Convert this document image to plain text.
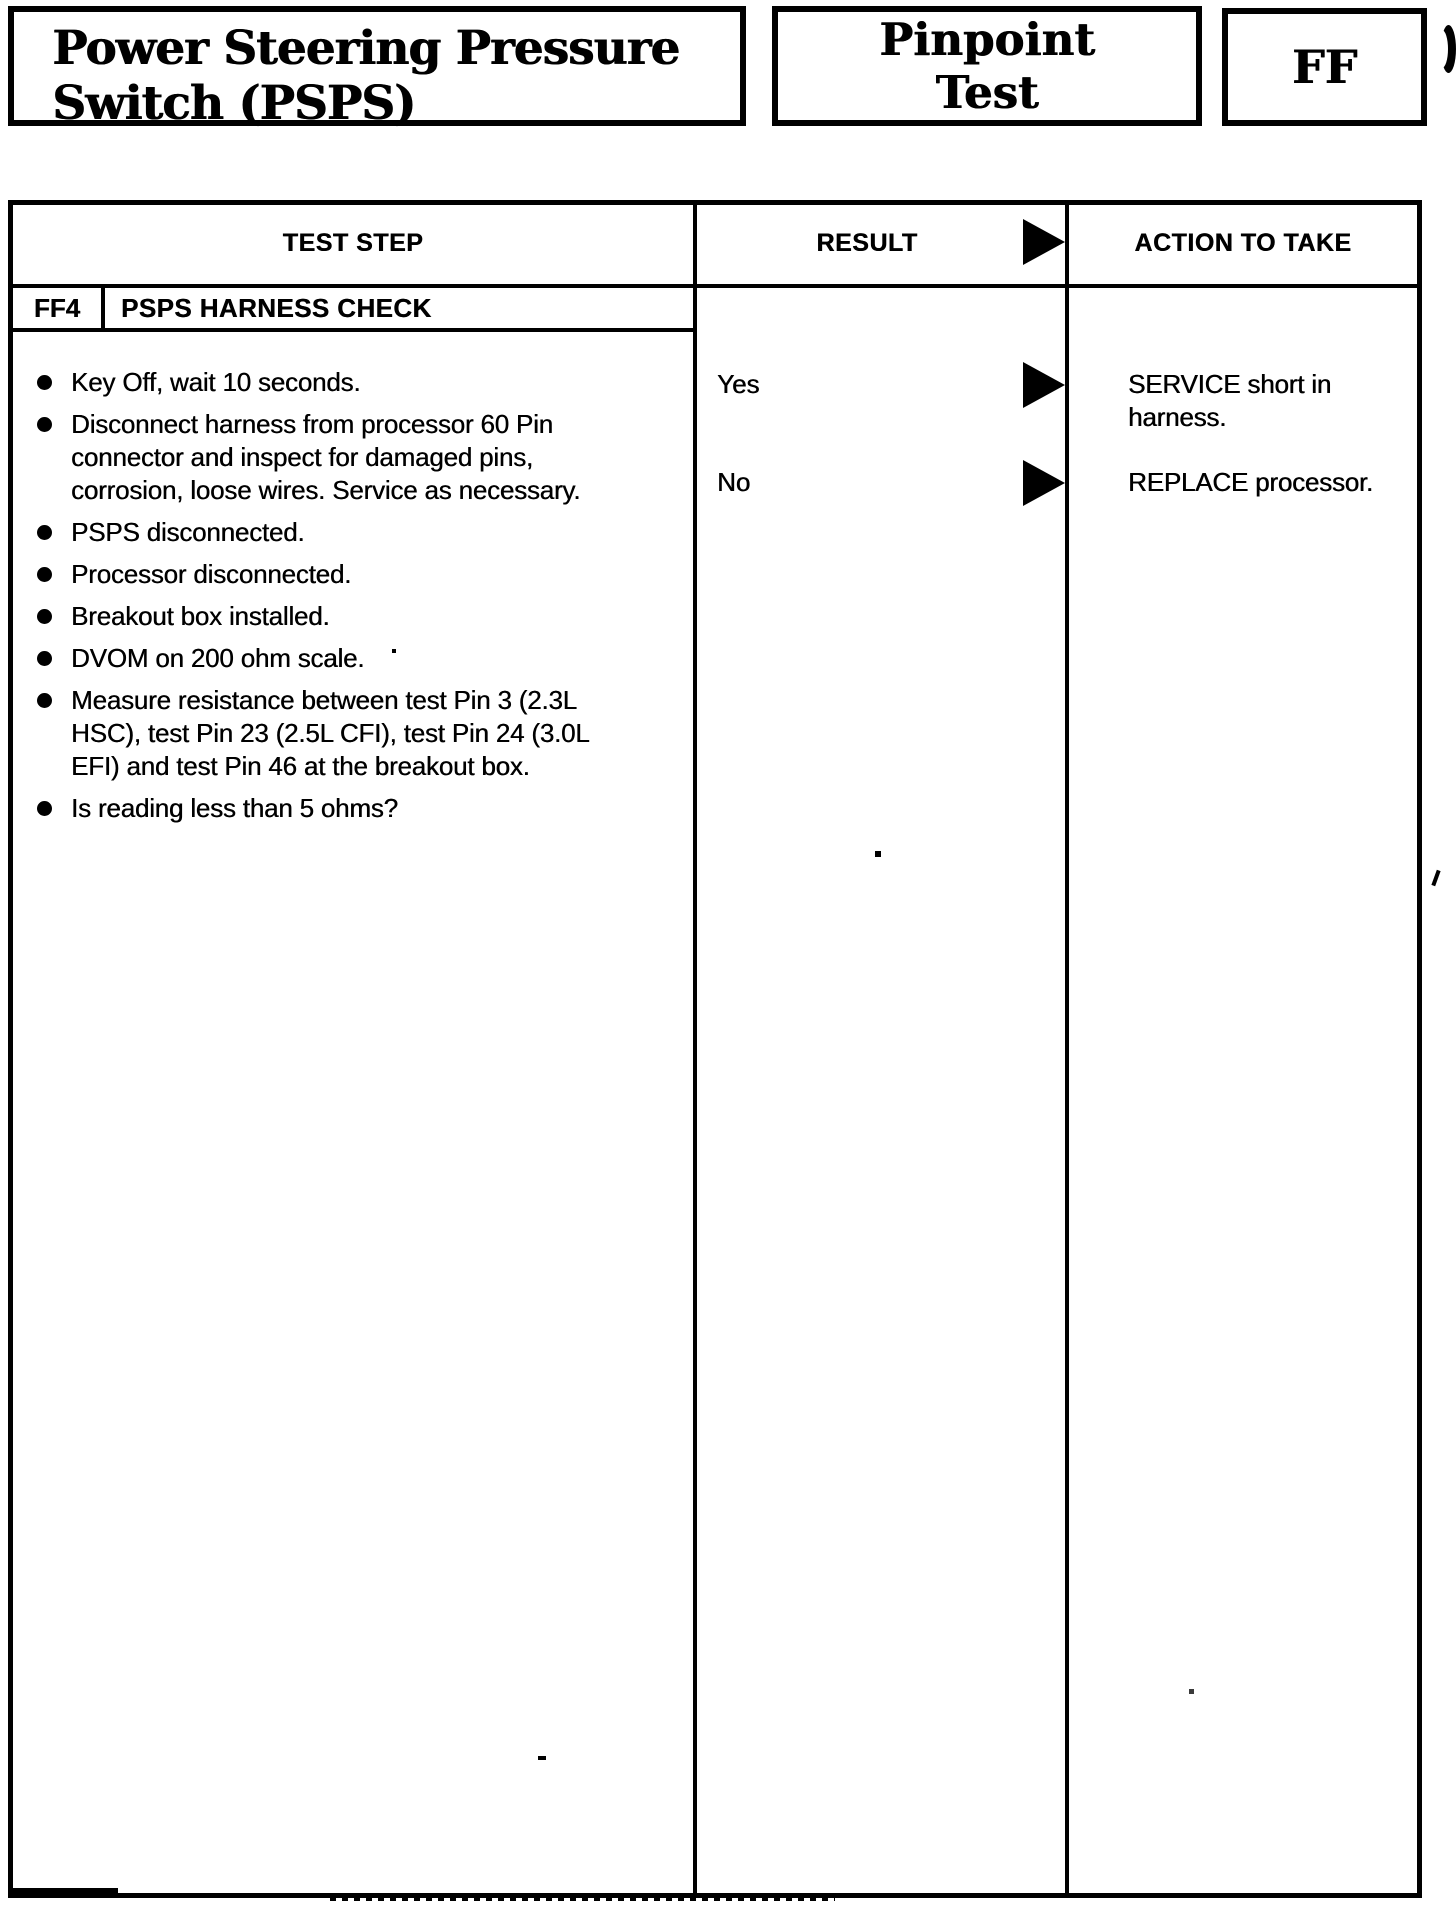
Power Steering Pressure
Switch (PSPS)
Pinpoint
Test	FF
TEST STEP	RESULT	ACTION TO TAKE
FF4	PSPS HARNESS CHECK
Key Off, wait 10 seconds.
Disconnect harness from processor 60 Pin
connector and inspect for damaged pins,
corrosion, loose wires. Service as necessary.
PSPS disconnected.
Processor disconnected.
Breakout box installed.
DVOM on 200 ohm scale.
Measure resistance between test Pin 3 (2.3L
HSC), test Pin 23 (2.5L CFI), test Pin 24 (3.0L
EFI) and test Pin 46 at the breakout box.
Is reading less than 5 ohms?
Yes	SERVICE short in
harness.
No	REPLACE processor.
